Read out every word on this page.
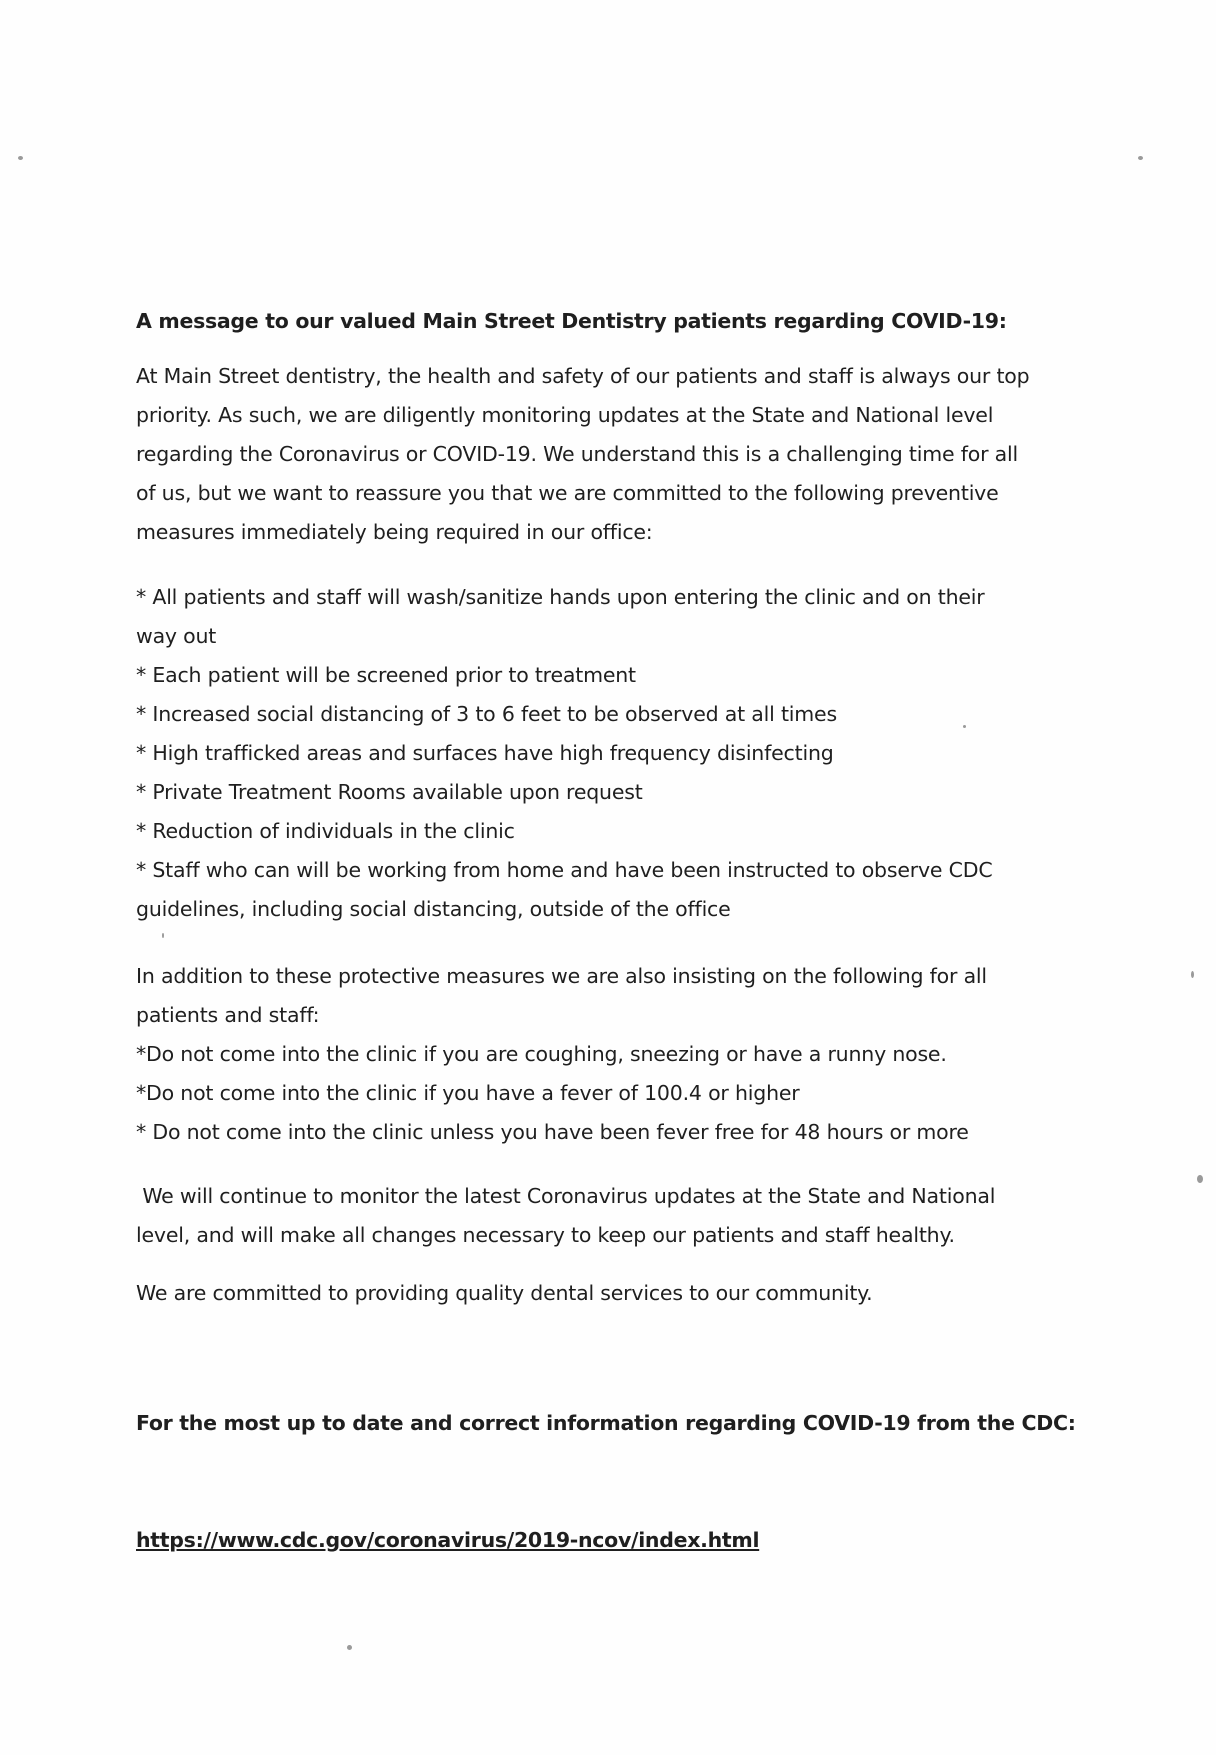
A message to our valued Main Street Dentistry patients regarding COVID-19:

At Main Street dentistry, the health and safety of our patients and staff is always our top
priority. As such, we are diligently monitoring updates at the State and National level
regarding the Coronavirus or COVID-19. We understand this is a challenging time for all
of us, but we want to reassure you that we are committed to the following preventive
measures immediately being required in our office:
* All patients and staff will wash/sanitize hands upon entering the clinic and on their
way out
* Each patient will be screened prior to treatment
* Increased social distancing of 3 to 6 feet to be observed at all times
* High trafficked areas and surfaces have high frequency disinfecting
* Private Treatment Rooms available upon request
* Reduction of individuals in the clinic
* Staff who can will be working from home and have been instructed to observe CDC
guidelines, including social distancing, outside of the office
In addition to these protective measures we are also insisting on the following for all
patients and staff:
*Do not come into the clinic if you are coughing, sneezing or have a runny nose.
*Do not come into the clinic if you have a fever of 100.4 or higher
* Do not come into the clinic unless you have been fever free for 48 hours or more
We will continue to monitor the latest Coronavirus updates at the State and National
level, and will make all changes necessary to keep our patients and staff healthy.
We are committed to providing quality dental services to our community.

For the most up to date and correct information regarding COVID-19 from the CDC:

https://www.cdc.gov/coronavirus/2019-ncov/index.html
